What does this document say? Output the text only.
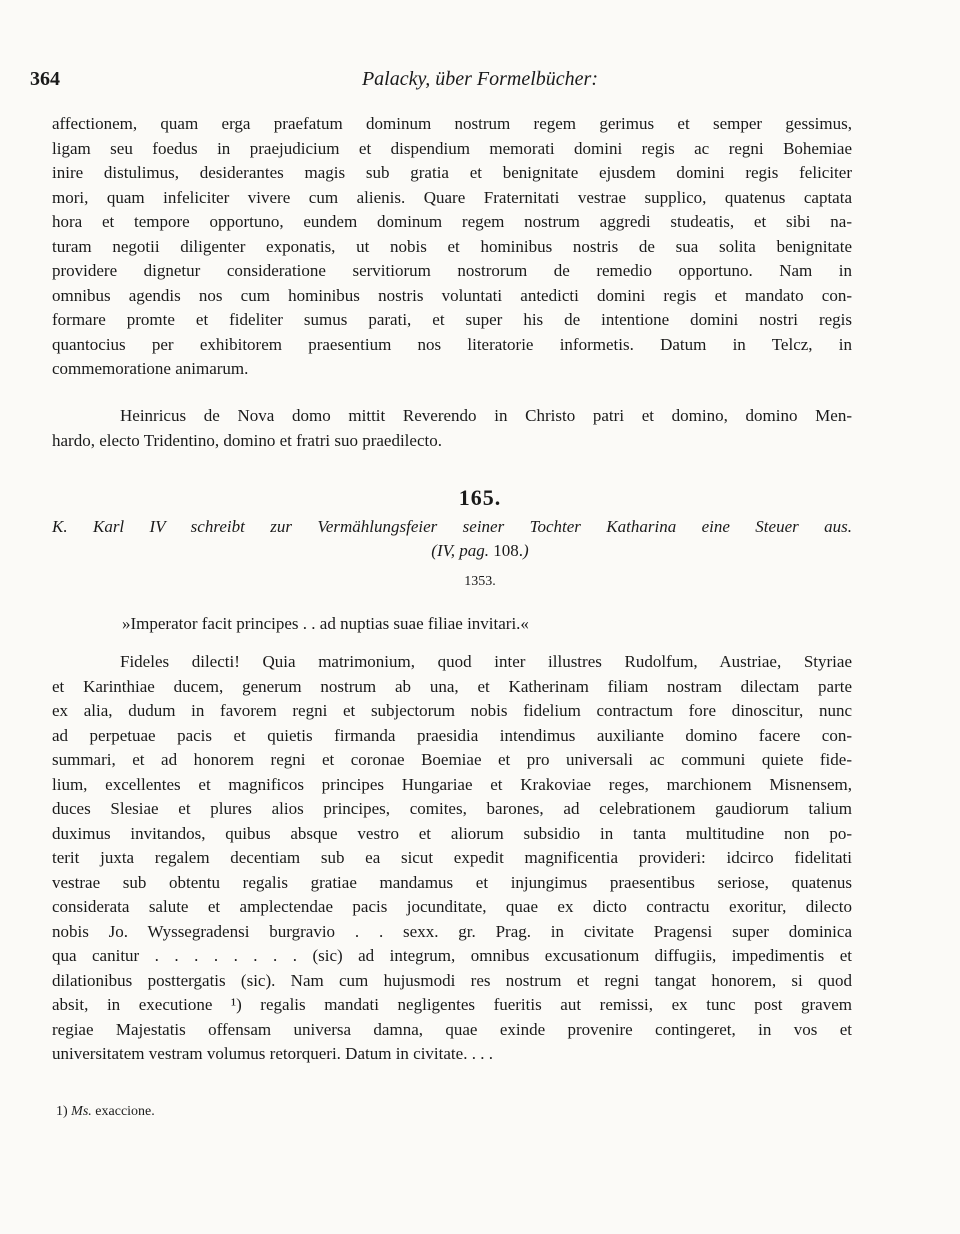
364	Palacky, über Formelbücher:
affectionem, quam erga praefatum dominum nostrum regem gerimus et semper gessimus,
ligam seu foedus in praejudicium et dispendium memorati domini regis ac regni Bohemiae
inire distulimus, desiderantes magis sub gratia et benignitate ejusdem domini regis feliciter
mori, quam infeliciter vivere cum alienis. Quare Fraternitati vestrae supplico, quatenus captata
hora et tempore opportuno, eundem dominum regem nostrum aggredi studeatis, et sibi na-
turam negotii diligenter exponatis, ut nobis et hominibus nostris de sua solita benignitate
providere dignetur consideratione servitiorum nostrorum de remedio opportuno. Nam in
omnibus agendis nos cum hominibus nostris voluntati antedicti domini regis et mandato con-
formare promte et fideliter sumus parati, et super his de intentione domini nostri regis
quantocius per exhibitorem praesentium nos literatorie informetis. Datum in Telcz, in
commemoratione animarum.
Heinricus de Nova domo mittit Reverendo in Christo patri et domino, domino Men-
hardo, electo Tridentino, domino et fratri suo praedilecto.
165.
K. Karl IV schreibt zur Vermählungsfeier seiner Tochter Katharina eine Steuer aus.
(IV, pag. 108.)
1353.
»Imperator facit principes . . ad nuptias suae filiae invitari.«
Fideles dilecti! Quia matrimonium, quod inter illustres Rudolfum, Austriae, Styriae
et Karinthiae ducem, generum nostrum ab una, et Katherinam filiam nostram dilectam parte
ex alia, dudum in favorem regni et subjectorum nobis fidelium contractum fore dinoscitur, nunc
ad perpetuae pacis et quietis firmanda praesidia intendimus auxiliante domino facere con-
summari, et ad honorem regni et coronae Boemiae et pro universali ac communi quiete fide-
lium, excellentes et magnificos principes Hungariae et Krakoviae reges, marchionem Misnensem,
duces Slesiae et plures alios principes, comites, barones, ad celebrationem gaudiorum talium
duximus invitandos, quibus absque vestro et aliorum subsidio in tanta multitudine non po-
terit juxta regalem decentiam sub ea sicut expedit magnificentia provideri: idcirco fidelitati
vestrae sub obtentu regalis gratiae mandamus et injungimus praesentibus seriose, quatenus
considerata salute et amplectendae pacis jocunditate, quae ex dicto contractu exoritur, dilecto
nobis Jo. Wyssegradensi burgravio . . sexx. gr. Prag. in civitate Pragensi super dominica
qua canitur . . . . . . . . (sic) ad integrum, omnibus excusationum diffugiis, impedimentis et
dilationibus posttergatis (sic). Nam cum hujusmodi res nostrum et regni tangat honorem, si quod
absit, in executione ¹) regalis mandati negligentes fueritis aut remissi, ex tunc post gravem
regiae Majestatis offensam universa damna, quae exinde provenire contingeret, in vos et
universitatem vestram volumus retorqueri. Datum in civitate. . . .
1) Ms. exaccione.
